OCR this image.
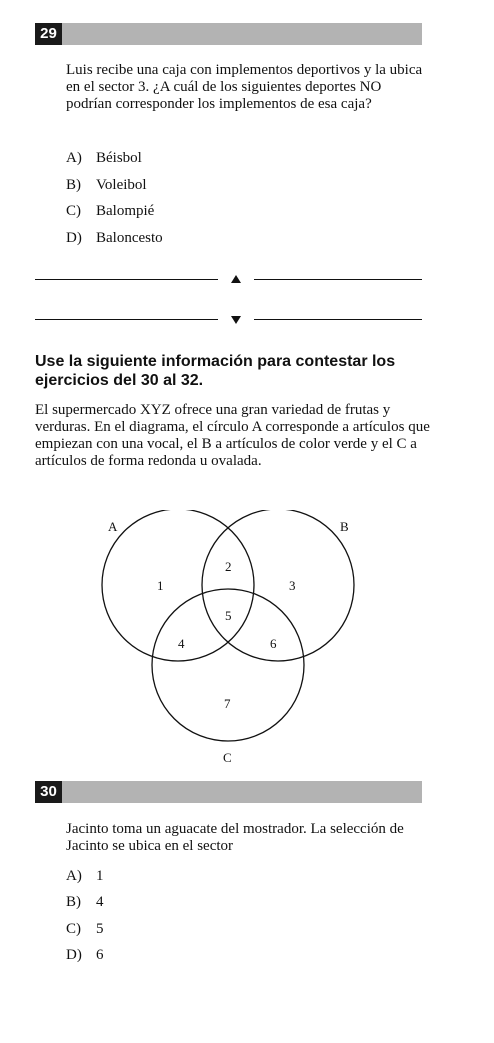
29

Luis recibe una caja con implementos deportivos y la ubica en el sector 3. ¿A cuál de los siguientes deportes NO podrían corresponder los implementos de esa caja?

A) Béisbol
B) Voleibol
C) Balompié
D) Baloncesto

Use la siguiente información para contestar los ejercicios del 30 al 32.

El supermercado XYZ ofrece una gran variedad de frutas y verduras. En el diagrama, el círculo A corresponde a artículos que empiezan con una vocal, el B a artículos de color verde y el C a artículos de forma redonda u ovalada.

A	B
C
1
2
3
4
5
6
7
30

Jacinto toma un aguacate del mostrador. La selección de Jacinto se ubica en el sector

A) 1
B) 4
C) 5
D) 6
